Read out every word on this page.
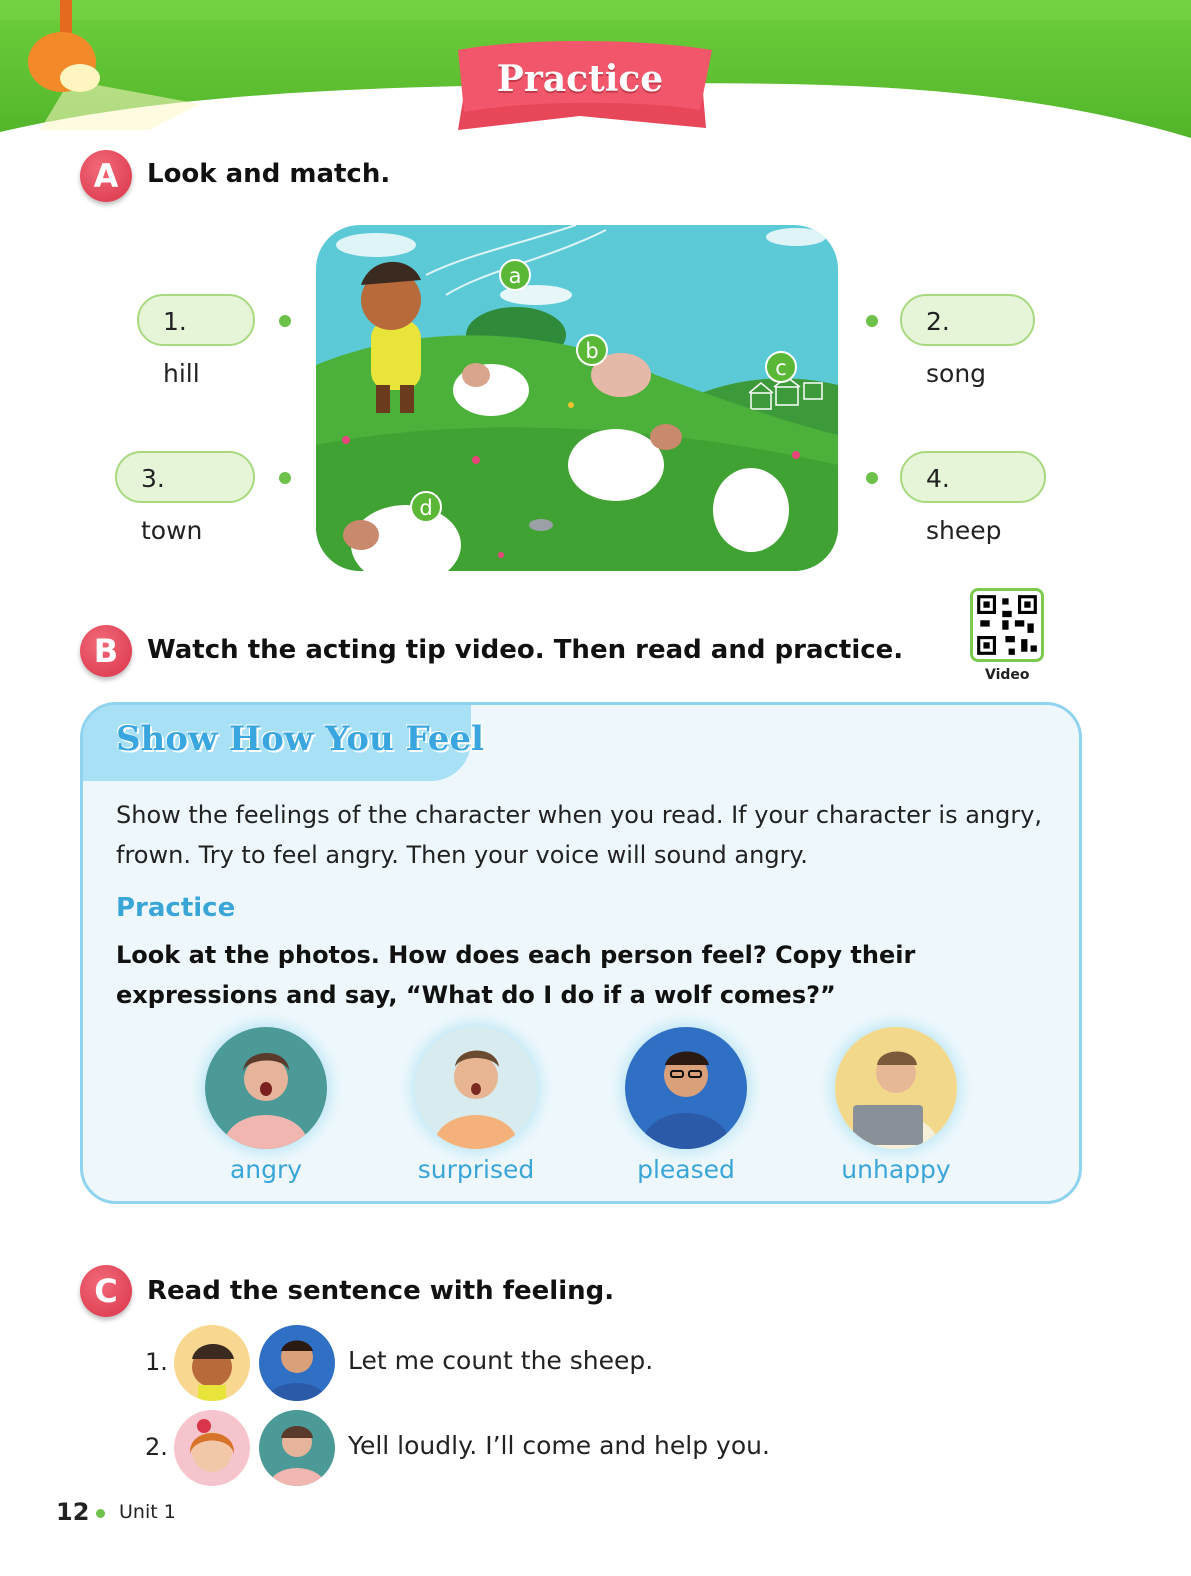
Practice
A	Look and match.
1. hill
3. town
2. song
4. sheep
a
b
c
d
B	Watch the acting tip video. Then read and practice.
Video
Show How You Feel
Show the feelings of the character when you read. If your character is angry, frown. Try to feel angry. Then your voice will sound angry.
Practice
Look at the photos. How does each person feel? Copy their expressions and say, “What do I do if a wolf comes?”
angry	surprised	pleased	unhappy
C	Read the sentence with feeling.
1.	Let me count the sheep.
2.	Yell loudly. I’ll come and help you.
12 Unit 1
